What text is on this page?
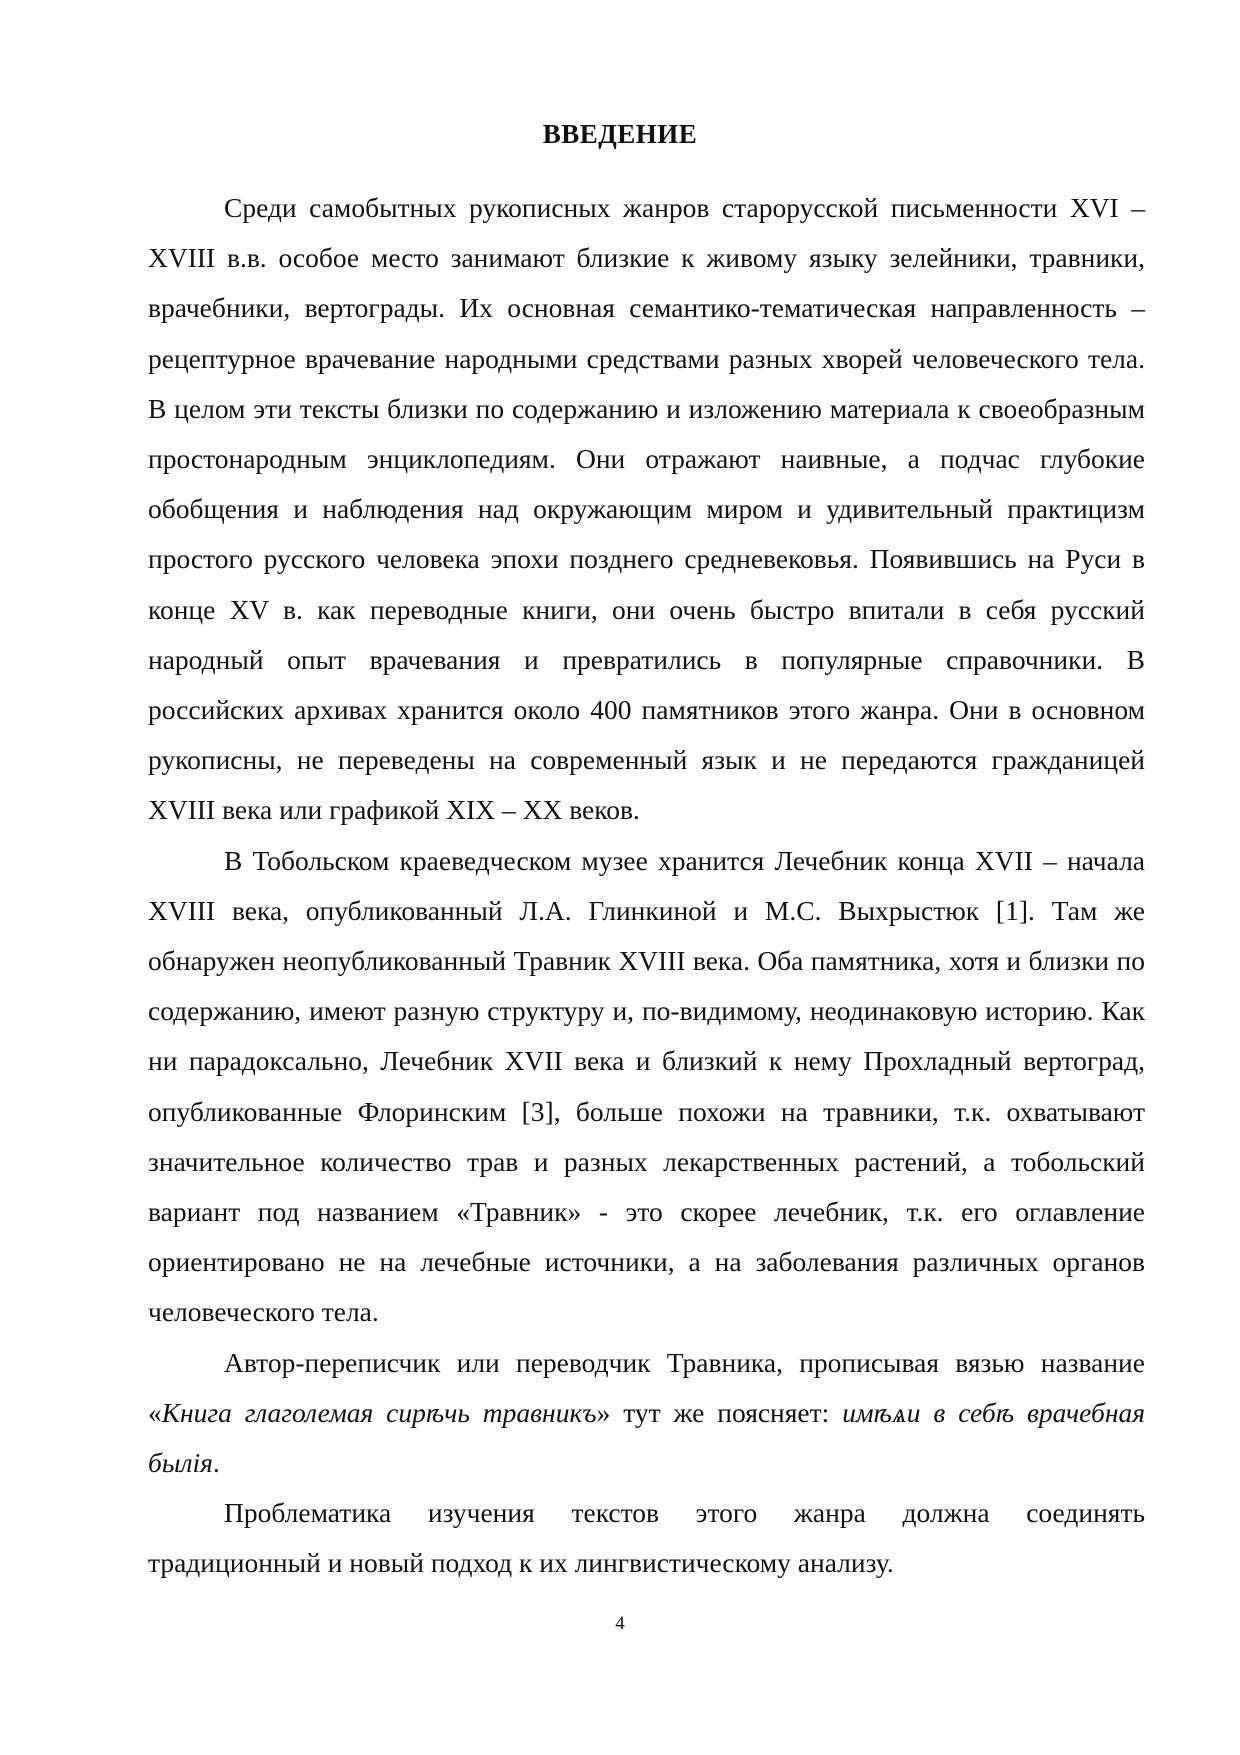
ВВЕДЕНИЕ

Среди самобытных рукописных жанров старорусской письменности XVI – XVIII в.в. особое место занимают близкие к живому языку зелейники, травники, врачебники, вертограды. Их основная семантико-тематическая направленность – рецептурное врачевание народными средствами разных хворей человеческого тела. В целом эти тексты близки по содержанию и изложению материала к своеобразным простонародным энциклопедиям. Они отражают наивные, а подчас глубокие обобщения и наблюдения над окружающим миром и удивительный практицизм простого русского человека эпохи позднего средневековья. Появившись на Руси в конце XV в. как переводные книги, они очень быстро впитали в себя русский народный опыт врачевания и превратились в популярные справочники. В российских архивах хранится около 400 памятников этого жанра. Они в основном рукописны, не переведены на современный язык и не передаются гражданицей XVIII века или графикой XIX – XX веков.

В Тобольском краеведческом музее хранится Лечебник конца XVII – начала XVIII века, опубликованный Л.А. Глинкиной и М.С. Выхрыстюк [1]. Там же обнаружен неопубликованный Травник XVIII века. Оба памятника, хотя и близки по содержанию, имеют разную структуру и, по-видимому, неодинаковую историю. Как ни парадоксально, Лечебник XVII века и близкий к нему Прохладный вертоград, опубликованные Флоринским [3], больше похожи на травники, т.к. охватывают значительное количество трав и разных лекарственных растений, а тобольский вариант под названием «Травник» - это скорее лечебник, т.к. его оглавление ориентировано не на лечебные источники, а на заболевания различных органов человеческого тела.

Автор-переписчик или переводчик Травника, прописывая вязью название «Книга глаголемая сирѣчь травникъ» тут же поясняет: имѣѧи в себѣ врачебная былія.

Проблематика изучения текстов этого жанра должна соединять традиционный и новый подход к их лингвистическому анализу.

4
